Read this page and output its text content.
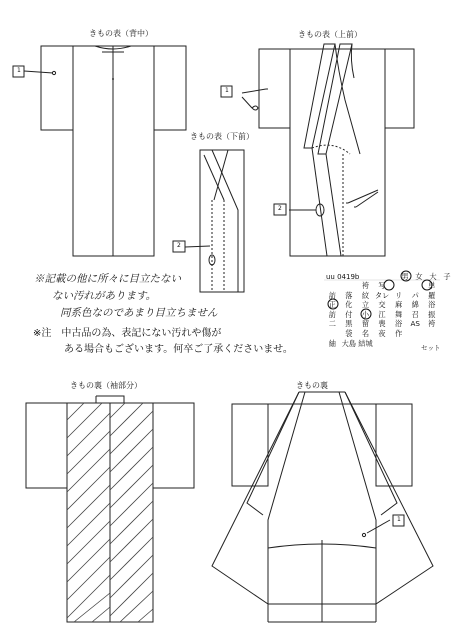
きもの表（背中）	きもの表（上前）
きもの表（下前）
きもの裏（袖部分）	きもの裏
1
1
2
2
1
※記載の他に所々に目立たない
ない汚れがあります。
同系色なのであまり目立ちません
※注　中古品の為、表記にない汚れや傷が
ある場合もございます。何卒ご了承くださいませ。
uu 0419b	男 女 大 子
袴	写	単
訪	落	紋 タレ リ	パ	羅
正	化	立	交	麻	綿	浴
訪	付	小	江	舞	召	振
二	黒	留	喪	浴	AS	袴
袋	名	夜	作
紬 大島 結城
セット
